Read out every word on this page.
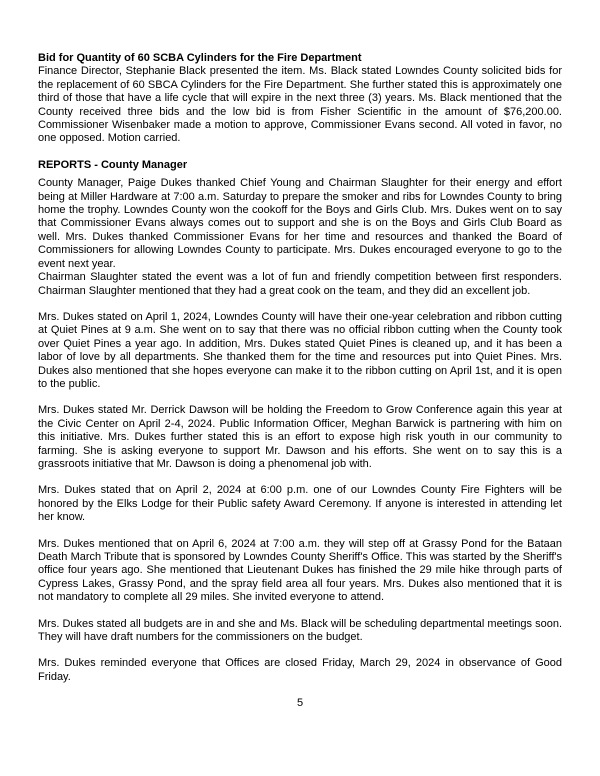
Bid for Quantity of 60 SCBA Cylinders for the Fire Department

Finance Director, Stephanie Black presented the item. Ms. Black stated Lowndes County solicited bids for the replacement of 60 SBCA Cylinders for the Fire Department. She further stated this is approximately one third of those that have a life cycle that will expire in the next three (3) years. Ms. Black mentioned that the County received three bids and the low bid is from Fisher Scientific in the amount of $76,200.00. Commissioner Wisenbaker made a motion to approve, Commissioner Evans second. All voted in favor, no one opposed. Motion carried.

REPORTS - County Manager

County Manager, Paige Dukes thanked Chief Young and Chairman Slaughter for their energy and effort being at Miller Hardware at 7:00 a.m. Saturday to prepare the smoker and ribs for Lowndes County to bring home the trophy. Lowndes County won the cookoff for the Boys and Girls Club. Mrs. Dukes went on to say that Commissioner Evans always comes out to support and she is on the Boys and Girls Club Board as well. Mrs. Dukes thanked Commissioner Evans for her time and resources and thanked the Board of Commissioners for allowing Lowndes County to participate. Mrs. Dukes encouraged everyone to go to the event next year.

Chairman Slaughter stated the event was a lot of fun and friendly competition between first responders. Chairman Slaughter mentioned that they had a great cook on the team, and they did an excellent job.

Mrs. Dukes stated on April 1, 2024, Lowndes County will have their one-year celebration and ribbon cutting at Quiet Pines at 9 a.m. She went on to say that there was no official ribbon cutting when the County took over Quiet Pines a year ago. In addition, Mrs. Dukes stated Quiet Pines is cleaned up, and it has been a labor of love by all departments. She thanked them for the time and resources put into Quiet Pines. Mrs. Dukes also mentioned that she hopes everyone can make it to the ribbon cutting on April 1st, and it is open to the public.

Mrs. Dukes stated Mr. Derrick Dawson will be holding the Freedom to Grow Conference again this year at the Civic Center on April 2-4, 2024. Public Information Officer, Meghan Barwick is partnering with him on this initiative. Mrs. Dukes further stated this is an effort to expose high risk youth in our community to farming. She is asking everyone to support Mr. Dawson and his efforts. She went on to say this is a grassroots initiative that Mr. Dawson is doing a phenomenal job with.

Mrs. Dukes stated that on April 2, 2024 at 6:00 p.m. one of our Lowndes County Fire Fighters will be honored by the Elks Lodge for their Public safety Award Ceremony. If anyone is interested in attending let her know.

Mrs. Dukes mentioned that on April 6, 2024 at 7:00 a.m. they will step off at Grassy Pond for the Bataan Death March Tribute that is sponsored by Lowndes County Sheriff's Office. This was started by the Sheriff's office four years ago. She mentioned that Lieutenant Dukes has finished the 29 mile hike through parts of Cypress Lakes, Grassy Pond, and the spray field area all four years. Mrs. Dukes also mentioned that it is not mandatory to complete all 29 miles. She invited everyone to attend.

Mrs. Dukes stated all budgets are in and she and Ms. Black will be scheduling departmental meetings soon. They will have draft numbers for the commissioners on the budget.

Mrs. Dukes reminded everyone that Offices are closed Friday, March 29, 2024 in observance of Good Friday.

5
